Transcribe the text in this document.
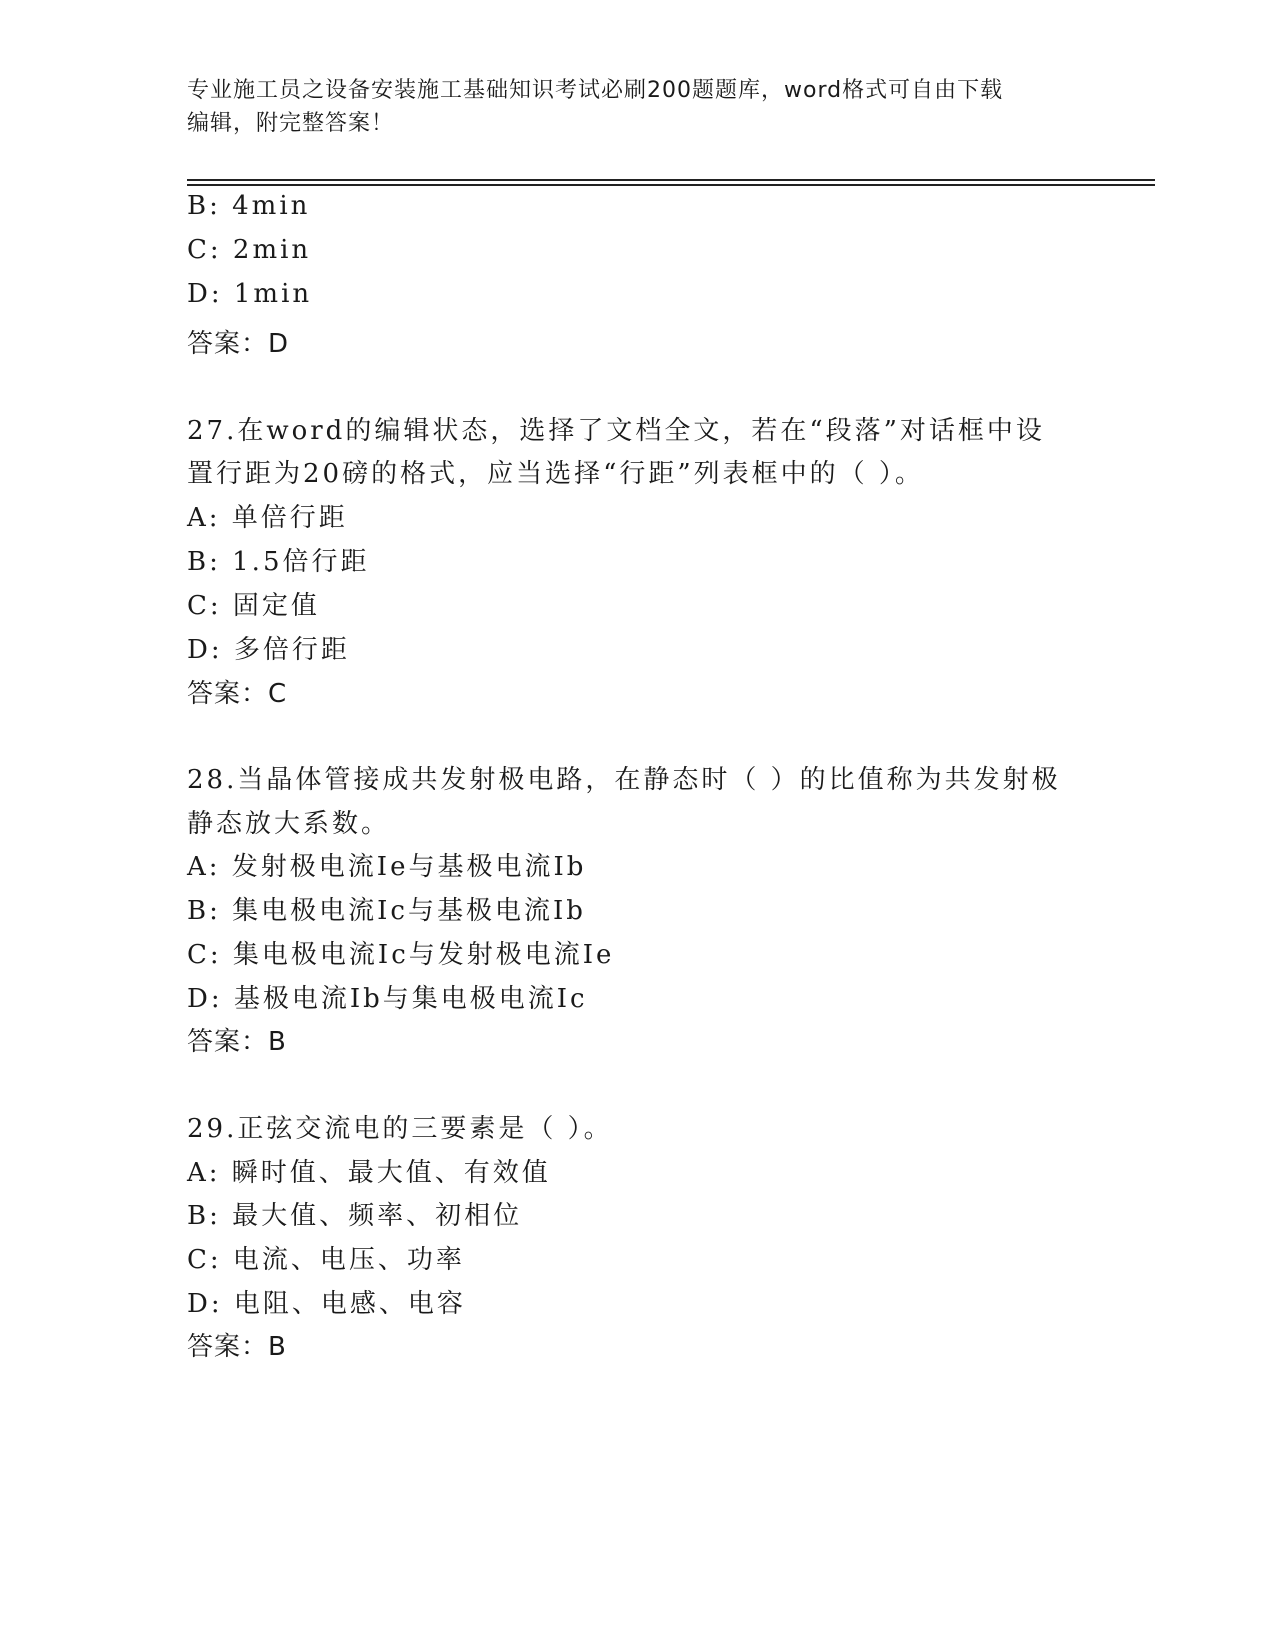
专业施工员之设备安装施工基础知识考试必刷200题题库，word格式可自由下载
编辑，附完整答案！
B: 4min
C: 2min
D: 1min
答案：D
27.在word的编辑状态，选择了文档全文，若在“段落”对话框中设
置行距为20磅的格式，应当选择“行距”列表框中的（ ）。
A: 单倍行距
B: 1.5倍行距
C: 固定值
D: 多倍行距
答案：C
28.当晶体管接成共发射极电路，在静态时（ ）的比值称为共发射极
静态放大系数。
A: 发射极电流Ie与基极电流Ib
B: 集电极电流Ic与基极电流Ib
C: 集电极电流Ic与发射极电流Ie
D: 基极电流Ib与集电极电流Ic
答案：B
29.正弦交流电的三要素是（ ）。
A: 瞬时值、最大值、有效值
B: 最大值、频率、初相位
C: 电流、电压、功率
D: 电阻、电感、电容
答案：B
